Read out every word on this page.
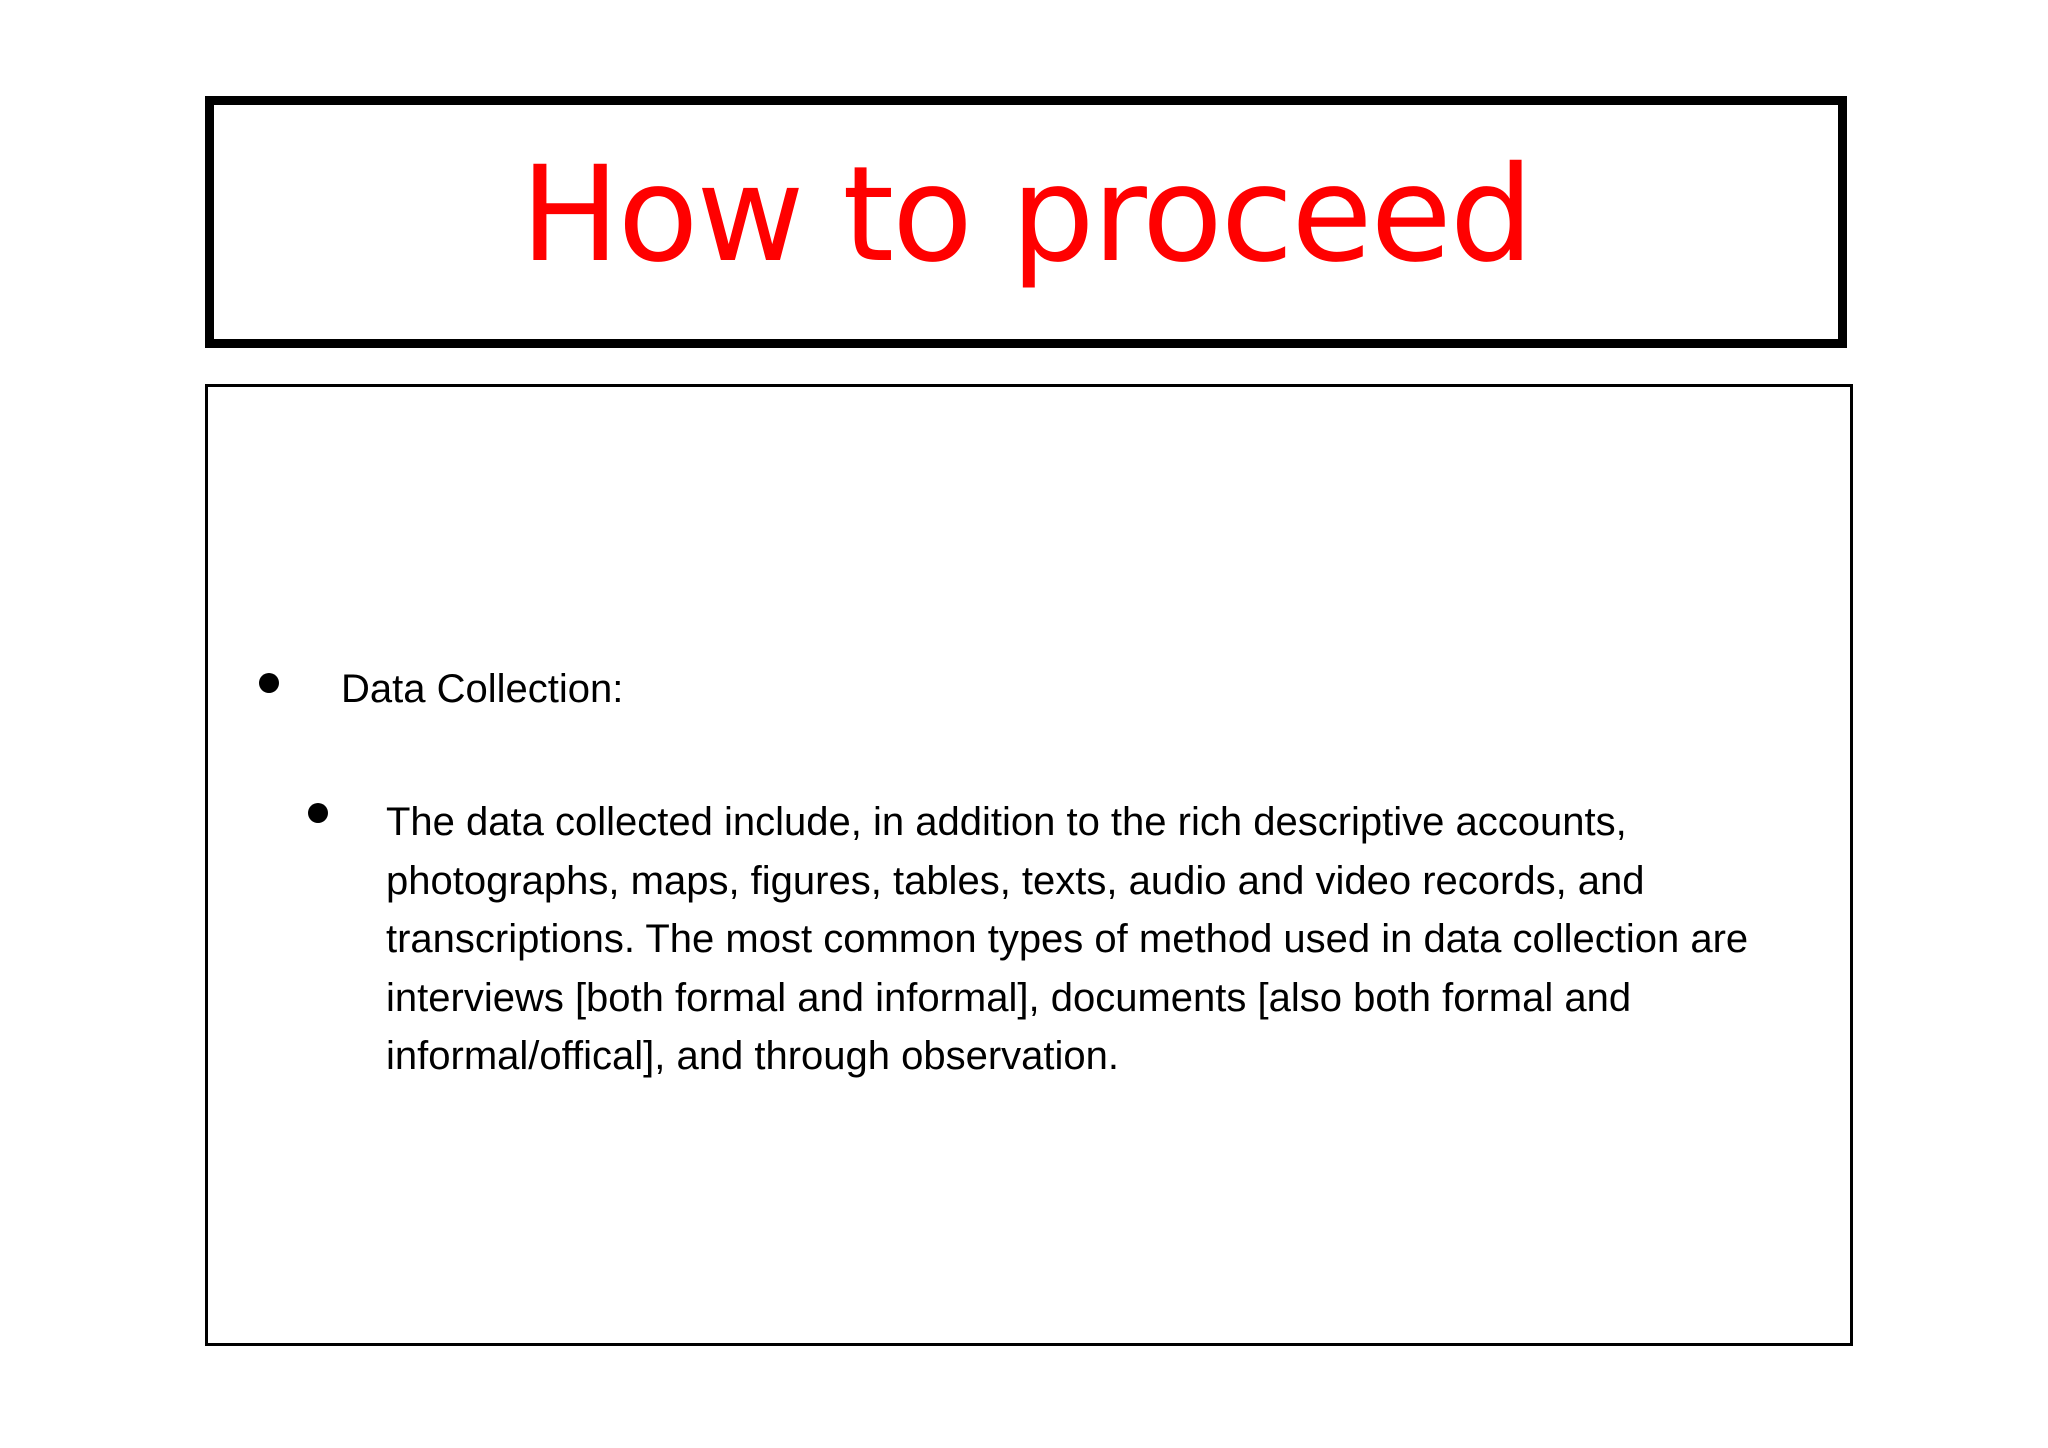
How to proceed
Data Collection:
The data collected include, in addition to the rich descriptive accounts, photographs, maps, figures, tables, texts, audio and video records, and transcriptions. The most common types of method used in data collection are interviews [both formal and informal], documents [also both formal and informal/offical], and through observation.
